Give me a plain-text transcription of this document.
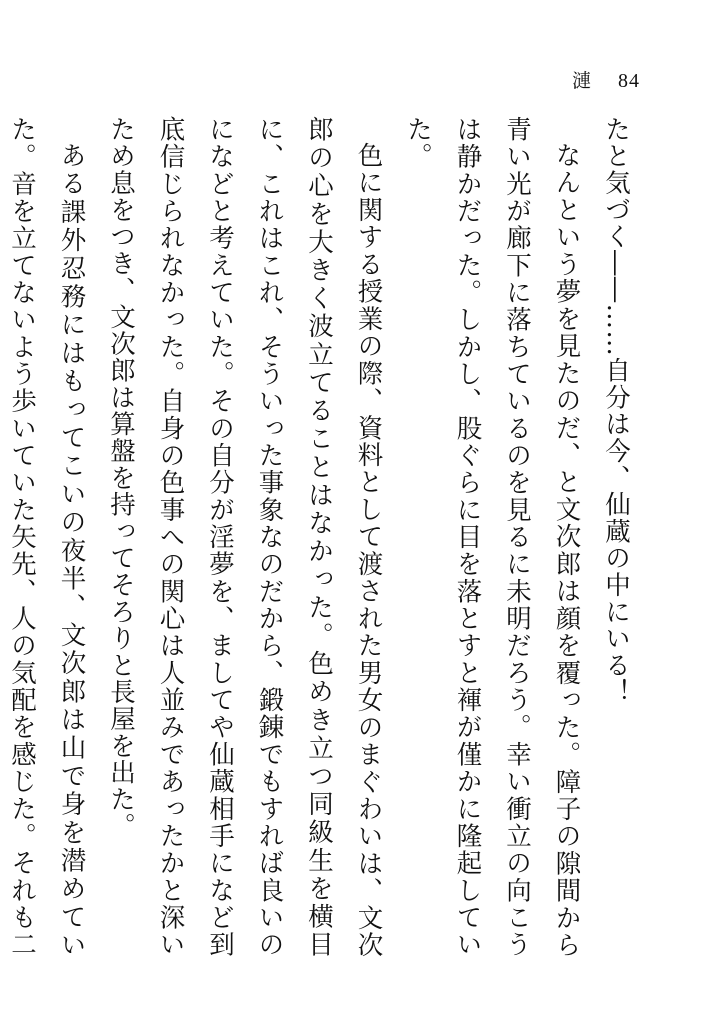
漣 84

たと気づく――……自分は今、仙蔵の中にいる！

なんという夢を見たのだ、と文次郎は顔を覆った。障子の隙間から青い光が廊下に落ちているのを見るに未明だろう。幸い衝立の向こうは静かだった。しかし、股ぐらに目を落とすと褌が僅かに隆起していた。

色に関する授業の際、資料として渡された男女のまぐわいは、文次郎の心を大きく波立てることはなかった。色めき立つ同級生を横目に、これはこれ、そういった事象なのだから、鍛錬でもすれば良いのになどと考えていた。その自分が淫夢を、ましてや仙蔵相手になど到底信じられなかった。自身の色事への関心は人並みであったかと深いため息をつき、文次郎は算盤を持ってそろりと長屋を出た。

ある課外忍務にはもってこいの夜半、文次郎は山で身を潜めていた。音を立てないよう歩いていた矢先、人の気配を感じた。それも二
